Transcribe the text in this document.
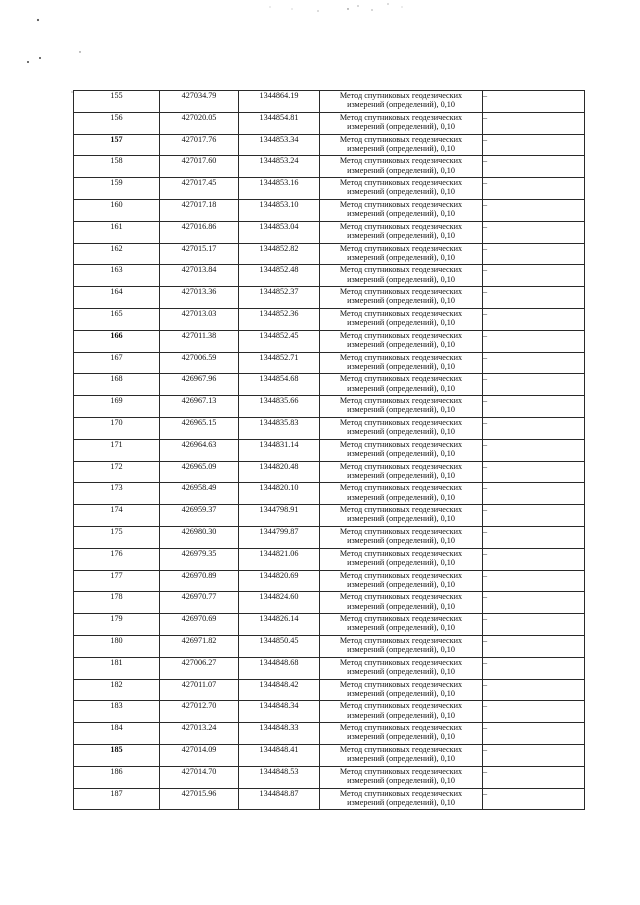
155	427034.79	1344864.19	Метод спутниковых геодезических
измерений (определений), 0,10	–
156	427020.05	1344854.81	Метод спутниковых геодезических
измерений (определений), 0,10	–
157	427017.76	1344853.34	Метод спутниковых геодезических
измерений (определений), 0,10	–
158	427017.60	1344853.24	Метод спутниковых геодезических
измерений (определений), 0,10	–
159	427017.45	1344853.16	Метод спутниковых геодезических
измерений (определений), 0,10	–
160	427017.18	1344853.10	Метод спутниковых геодезических
измерений (определений), 0,10	–
161	427016.86	1344853.04	Метод спутниковых геодезических
измерений (определений), 0,10	–
162	427015.17	1344852.82	Метод спутниковых геодезических
измерений (определений), 0,10	–
163	427013.84	1344852.48	Метод спутниковых геодезических
измерений (определений), 0,10	–
164	427013.36	1344852.37	Метод спутниковых геодезических
измерений (определений), 0,10	–
165	427013.03	1344852.36	Метод спутниковых геодезических
измерений (определений), 0,10	–
166	427011.38	1344852.45	Метод спутниковых геодезических
измерений (определений), 0,10	–
167	427006.59	1344852.71	Метод спутниковых геодезических
измерений (определений), 0,10	–
168	426967.96	1344854.68	Метод спутниковых геодезических
измерений (определений), 0,10	–
169	426967.13	1344835.66	Метод спутниковых геодезических
измерений (определений), 0,10	–
170	426965.15	1344835.83	Метод спутниковых геодезических
измерений (определений), 0,10	–
171	426964.63	1344831.14	Метод спутниковых геодезических
измерений (определений), 0,10	–
172	426965.09	1344820.48	Метод спутниковых геодезических
измерений (определений), 0,10	–
173	426958.49	1344820.10	Метод спутниковых геодезических
измерений (определений), 0,10	–
174	426959.37	1344798.91	Метод спутниковых геодезических
измерений (определений), 0,10	–
175	426980.30	1344799.87	Метод спутниковых геодезических
измерений (определений), 0,10	–
176	426979.35	1344821.06	Метод спутниковых геодезических
измерений (определений), 0,10	–
177	426970.89	1344820.69	Метод спутниковых геодезических
измерений (определений), 0,10	–
178	426970.77	1344824.60	Метод спутниковых геодезических
измерений (определений), 0,10	–
179	426970.69	1344826.14	Метод спутниковых геодезических
измерений (определений), 0,10	–
180	426971.82	1344850.45	Метод спутниковых геодезических
измерений (определений), 0,10	–
181	427006.27	1344848.68	Метод спутниковых геодезических
измерений (определений), 0,10	–
182	427011.07	1344848.42	Метод спутниковых геодезических
измерений (определений), 0,10	–
183	427012.70	1344848.34	Метод спутниковых геодезических
измерений (определений), 0,10	–
184	427013.24	1344848.33	Метод спутниковых геодезических
измерений (определений), 0,10	–
185	427014.09	1344848.41	Метод спутниковых геодезических
измерений (определений), 0,10	–
186	427014.70	1344848.53	Метод спутниковых геодезических
измерений (определений), 0,10	–
187	427015.96	1344848.87	Метод спутниковых геодезических
измерений (определений), 0,10	–
